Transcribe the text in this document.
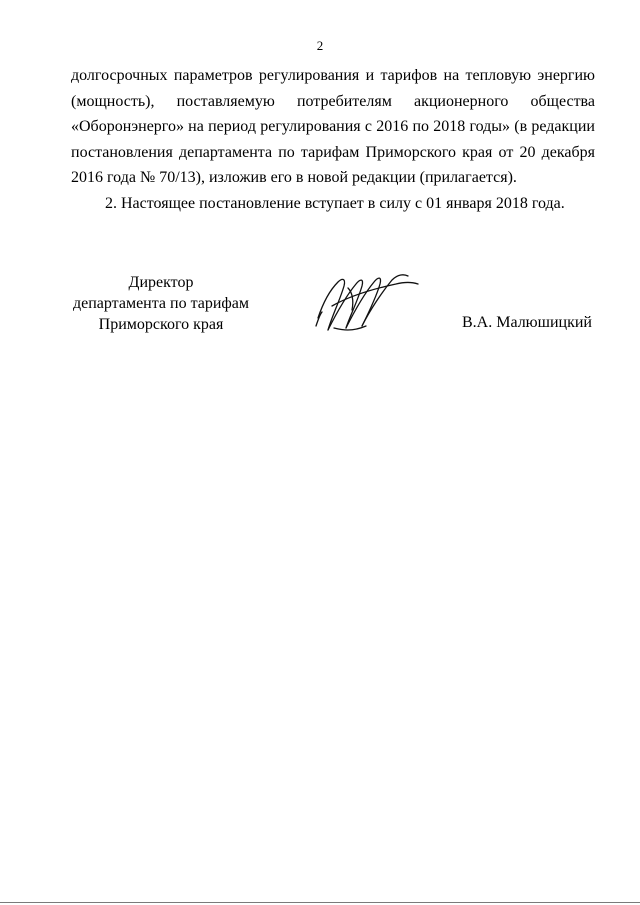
2

долгосрочных параметров регулирования и тарифов на тепловую энергию (мощность), поставляемую потребителям акционерного общества «Оборонэнерго» на период регулирования с 2016 по 2018 годы» (в редакции постановления департамента по тарифам Приморского края от 20 декабря 2016 года № 70/13), изложив его в новой редакции (прилагается).

2. Настоящее постановление вступает в силу с 01 января 2018 года.

Директор
департамента по тарифам
Приморского края	В.А. Малюшицкий
